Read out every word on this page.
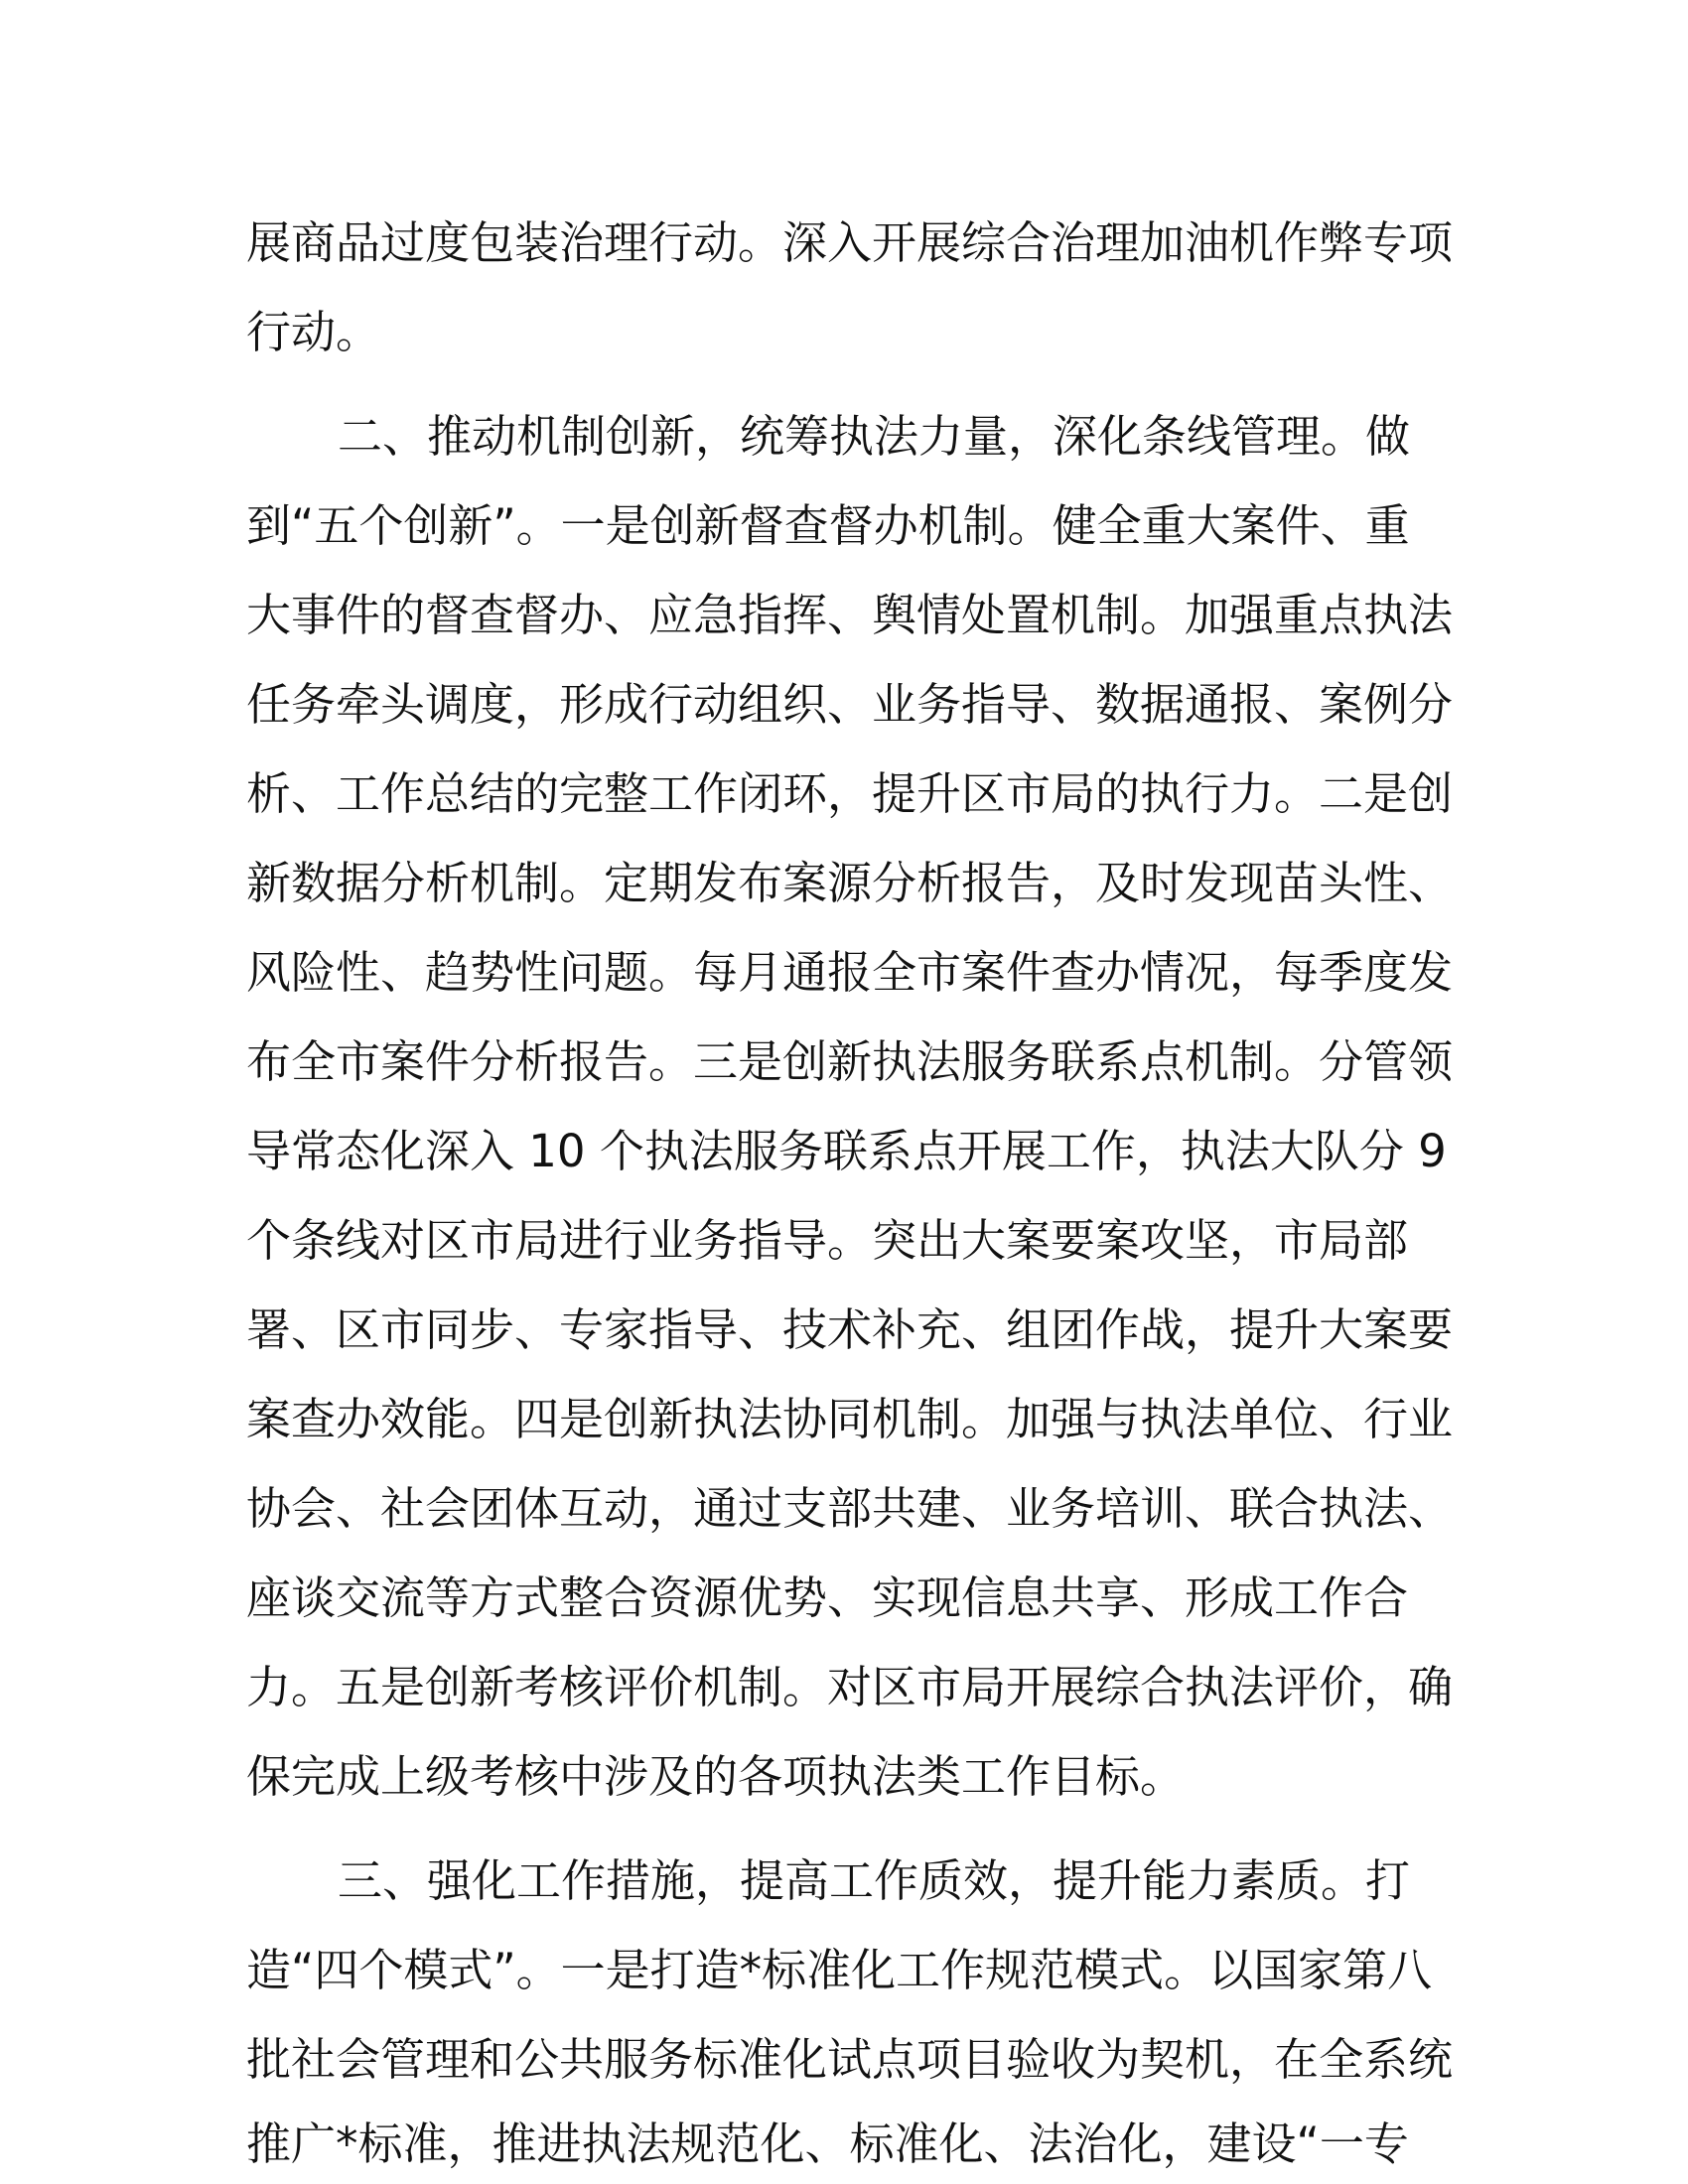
展商品过度包装治理行动。深入开展综合治理加油机作弊专项
行动。
二、推动机制创新，统筹执法力量，深化条线管理。做
到“五个创新”。一是创新督查督办机制。健全重大案件、重
大事件的督查督办、应急指挥、舆情处置机制。加强重点执法
任务牵头调度，形成行动组织、业务指导、数据通报、案例分
析、工作总结的完整工作闭环，提升区市局的执行力。二是创
新数据分析机制。定期发布案源分析报告，及时发现苗头性、
风险性、趋势性问题。每月通报全市案件查办情况，每季度发
布全市案件分析报告。三是创新执法服务联系点机制。分管领
导常态化深入 10 个执法服务联系点开展工作，执法大队分 9
个条线对区市局进行业务指导。突出大案要案攻坚，市局部
署、区市同步、专家指导、技术补充、组团作战，提升大案要
案查办效能。四是创新执法协同机制。加强与执法单位、行业
协会、社会团体互动，通过支部共建、业务培训、联合执法、
座谈交流等方式整合资源优势、实现信息共享、形成工作合
力。五是创新考核评价机制。对区市局开展综合执法评价，确
保完成上级考核中涉及的各项执法类工作目标。
三、强化工作措施，提高工作质效，提升能力素质。打
造“四个模式”。一是打造*标准化工作规范模式。以国家第八
批社会管理和公共服务标准化试点项目验收为契机，在全系统
推广*标准，推进执法规范化、标准化、法治化，建设“一专
